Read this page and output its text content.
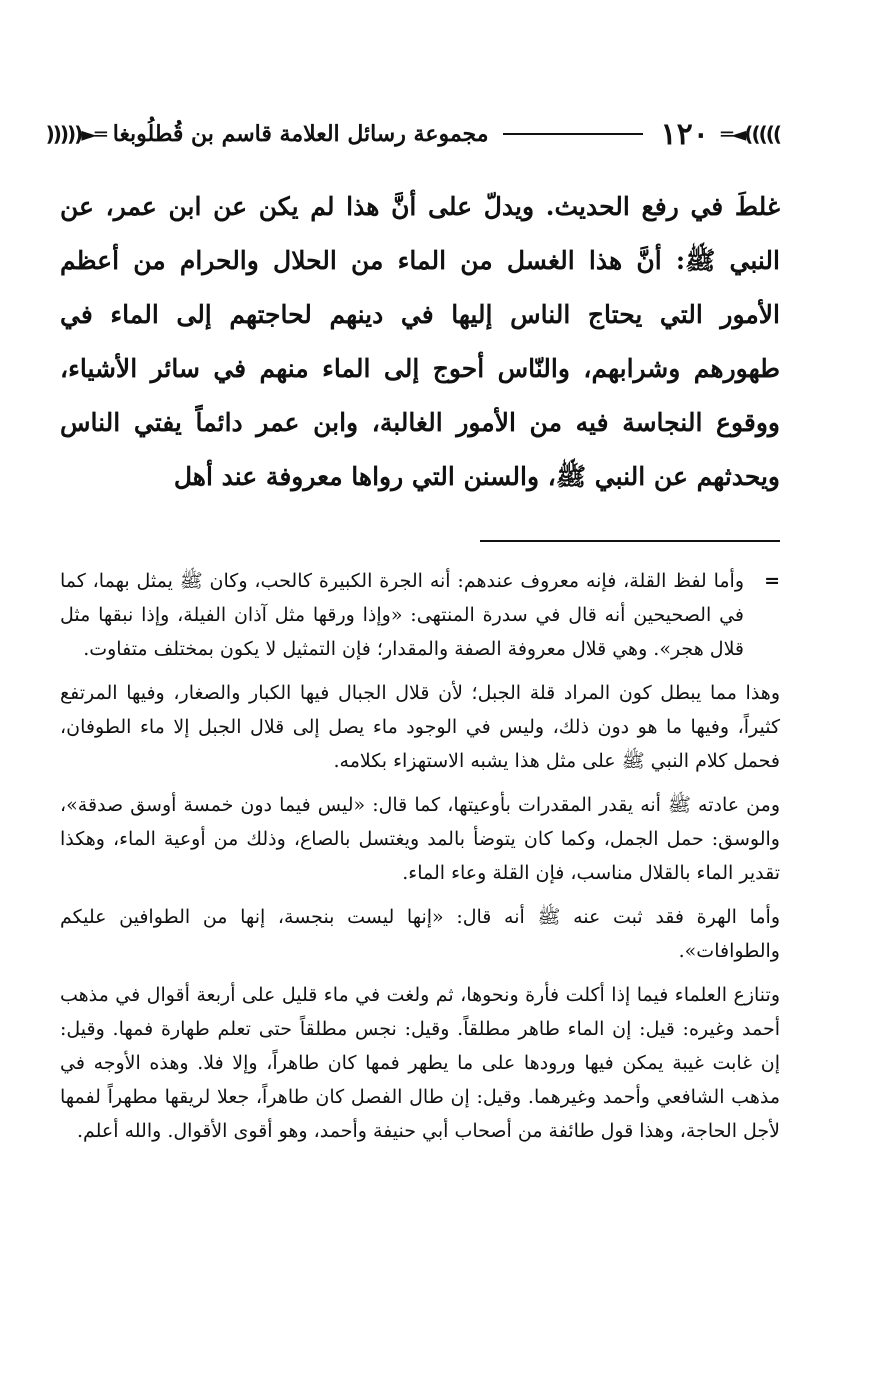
═◄(((((
١٢٠
مجموعة رسائل العلامة قاسم بن قُطلُوبغا
)))))►═

غلطَ في رفع الحديث. ويدلّ على أنَّ هذا لم يكن عن ابن عمر، عن النبي ﷺ: أنَّ هذا الغسل من الماء من الحلال والحرام من أعظم الأمور التي يحتاج الناس إليها في دينهم لحاجتهم إلى الماء في طهورهم وشرابهم، والنّاس أحوج إلى الماء منهم في سائر الأشياء، ووقوع النجاسة فيه من الأمور الغالبة، وابن عمر دائماً يفتي الناس ويحدثهم عن النبي ﷺ، والسنن التي رواها معروفة عند أهل

=
وأما لفظ القلة، فإنه معروف عندهم: أنه الجرة الكبيرة كالحب، وكان ﷺ يمثل بهما، كما في الصحيحين أنه قال في سدرة المنتهى: «وإذا ورقها مثل آذان الفيلة، وإذا نبقها مثل قلال هجر». وهي قلال معروفة الصفة والمقدار؛ فإن التمثيل لا يكون بمختلف متفاوت.

وهذا مما يبطل كون المراد قلة الجبل؛ لأن قلال الجبال فيها الكبار والصغار، وفيها المرتفع كثيراً، وفيها ما هو دون ذلك، وليس في الوجود ماء يصل إلى قلال الجبل إلا ماء الطوفان، فحمل كلام النبي ﷺ على مثل هذا يشبه الاستهزاء بكلامه.

ومن عادته ﷺ أنه يقدر المقدرات بأوعيتها، كما قال: «ليس فيما دون خمسة أوسق صدقة»، والوسق: حمل الجمل، وكما كان يتوضأ بالمد ويغتسل بالصاع، وذلك من أوعية الماء، وهكذا تقدير الماء بالقلال مناسب، فإن القلة وعاء الماء.

وأما الهرة فقد ثبت عنه ﷺ أنه قال: «إنها ليست بنجسة، إنها من الطوافين عليكم والطوافات».

وتنازع العلماء فيما إذا أكلت فأرة ونحوها، ثم ولغت في ماء قليل على أربعة أقوال في مذهب أحمد وغيره: قيل: إن الماء طاهر مطلقاً. وقيل: نجس مطلقاً حتى تعلم طهارة فمها. وقيل: إن غابت غيبة يمكن فيها ورودها على ما يطهر فمها كان طاهراً، وإلا فلا. وهذه الأوجه في مذهب الشافعي وأحمد وغيرهما. وقيل: إن طال الفصل كان طاهراً، جعلا لريقها مطهراً لفمها لأجل الحاجة، وهذا قول طائفة من أصحاب أبي حنيفة وأحمد، وهو أقوى الأقوال. والله أعلم.
